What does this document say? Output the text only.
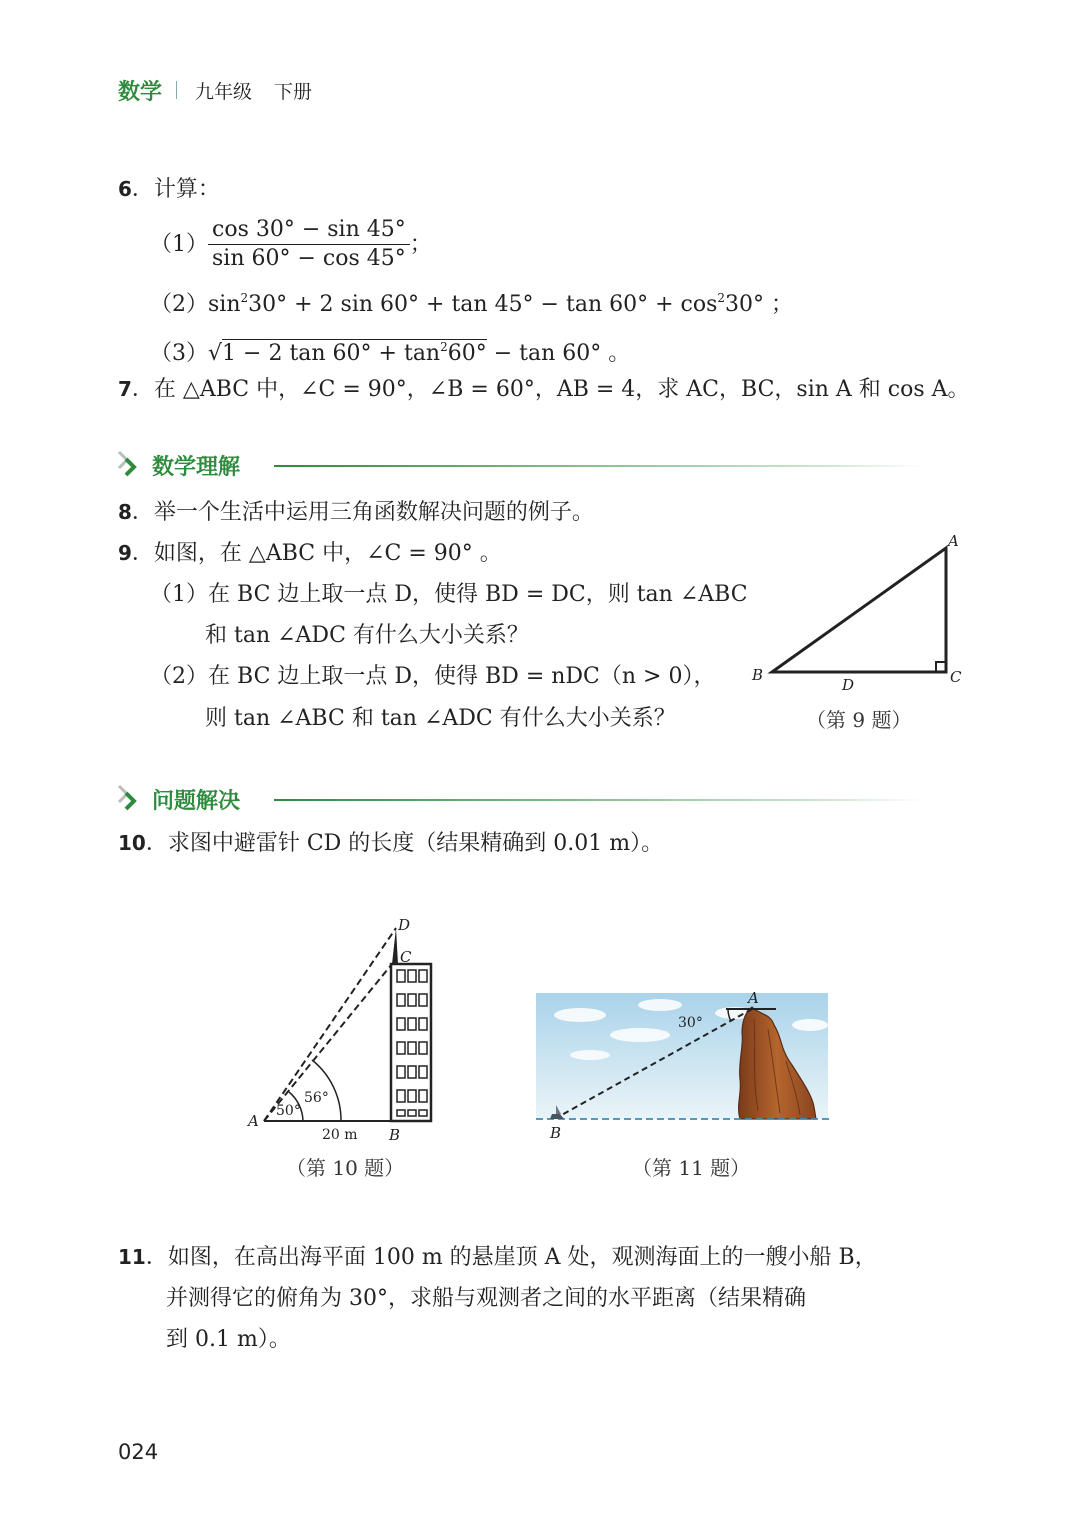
数学 九年级 下册
6．计算：
$(1) \frac{\cos 30^\circ - \sin 45^\circ}{\sin 60^\circ - \cos 45^\circ}$ ；
$(2)\sin^230^\circ + 2$ $\sin 60^\circ + \tan 45^\circ - \tan 60^\circ + \cos^230^\circ$ ；
（3）√1 − 2 $\tan 60^\circ + \tan^260^\circ - \tan 60^\circ$ 。
7．在 △ABC 中，∠C = 90°，∠B = 60°，AB = 4，求 AC，BC，sin A 和 cos A。
数学理解
8．举一个生活中运用三角函数解决问题的例子。
9．如图，在 △ABC 中，∠C = 90° 。
（1）在 BC 边上取一点 D，使得 BD = DC，则 tan ∠ABC
和 tan ∠ADC 有什么大小关系？
（2）在 BC 边上取一点 D，使得 BD = nDC（n > 0），
则 tan ∠ABC 和 tan ∠ADC 有什么大小关系？
A
B	C
D
（第 9 题）
问题解决
10．求图中避雷针 CD 的长度（结果精确到 0.01 m）。
50°
56°
A
B
C
D
20 m
（第 10 题）
30°
A
B
（第 11 题）
11．如图，在高出海平面 100 m 的悬崖顶 A 处，观测海面上的一艘小船 B，
并测得它的俯角为 30°，求船与观测者之间的水平距离（结果精确
到 0.1 m）。
024
